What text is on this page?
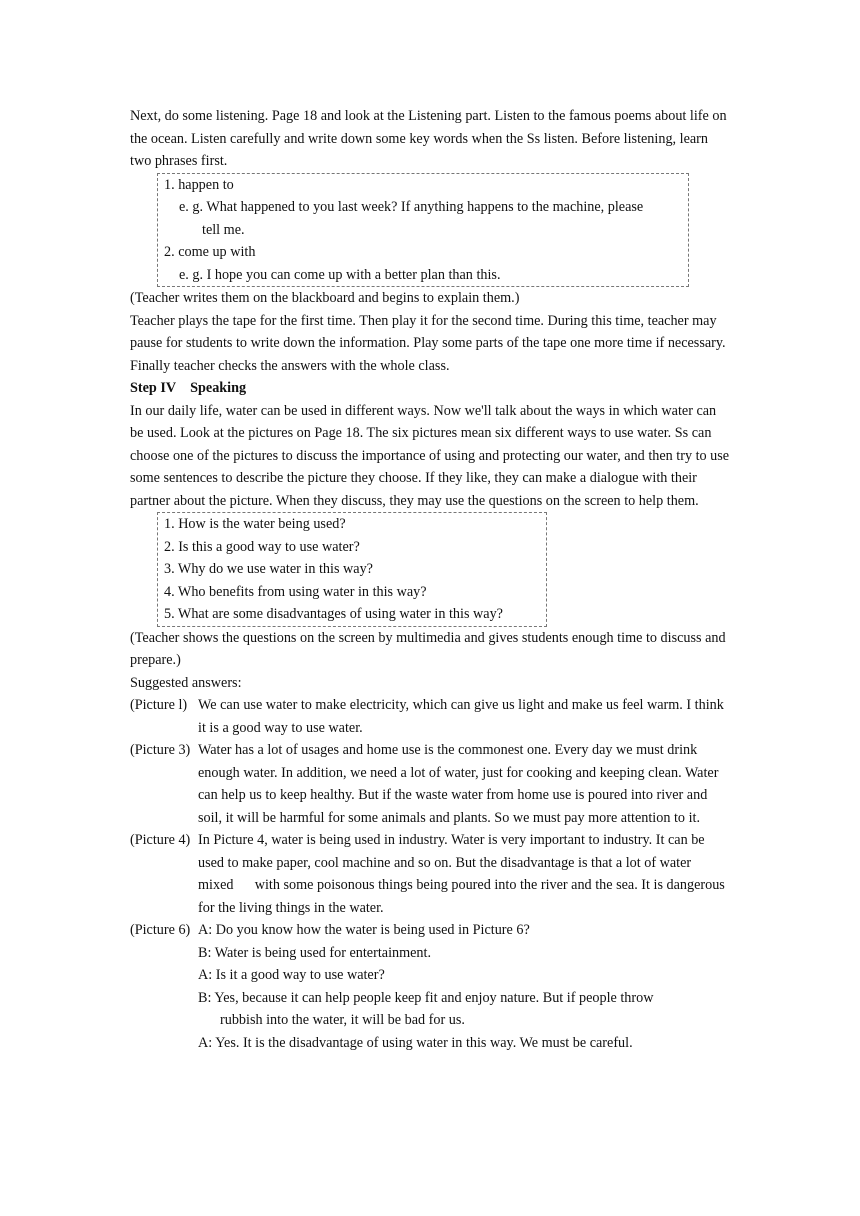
Next, do some listening. Page 18 and look at the Listening part. Listen to the famous poems about life on the ocean. Listen carefully and write down some key words when the Ss listen. Before listening, learn two phrases first.

1. happen to
e. g. What happened to you last week? If anything happens to the machine, please
tell me.
2. come up with
e. g. I hope you can come up with a better plan than this.

(Teacher writes them on the blackboard and begins to explain them.)

Teacher plays the tape for the first time. Then play it for the second time. During this time, teacher may pause for students to write down the information. Play some parts of the tape one more time if necessary. Finally teacher checks the answers with the whole class.

Step IV Speaking

In our daily life, water can be used in different ways. Now we'll talk about the ways in which water can be used. Look at the pictures on Page 18. The six pictures mean six different ways to use water. Ss can choose one of the pictures to discuss the importance of using and protecting our water, and then try to use some sentences to describe the picture they choose. If they like, they can make a dialogue with their partner about the picture. When they discuss, they may use the questions on the screen to help them.

1. How is the water being used?
2. Is this a good way to use water?
3. Why do we use water in this way?
4. Who benefits from using water in this way?
5. What are some disadvantages of using water in this way?

(Teacher shows the questions on the screen by multimedia and gives students enough time to discuss and prepare.)

Suggested answers:

(Picture l) We can use water to make electricity, which can give us light and make us feel warm. I think it is a good way to use water.
(Picture 3) Water has a lot of usages and home use is the commonest one. Every day we must drink enough water. In addition, we need a lot of water, just for cooking and keeping clean. Water can help us to keep healthy. But if the waste water from home use is poured into river and soil, it will be harmful for some animals and plants. So we must pay more attention to it.
(Picture 4) In Picture 4, water is being used in industry. Water is very important to industry. It can be used to make paper, cool machine and so on. But the disadvantage is that a lot of water mixed      with some poisonous things being poured into the river and the sea. It is dangerous for the living things in the water.
(Picture 6) A: Do you know how the water is being used in Picture 6?
B: Water is being used for entertainment.
A: Is it a good way to use water?
B: Yes, because it can help people keep fit and enjoy nature. But if people throw
rubbish into the water, it will be bad for us.
A: Yes. It is the disadvantage of using water in this way. We must be careful.
